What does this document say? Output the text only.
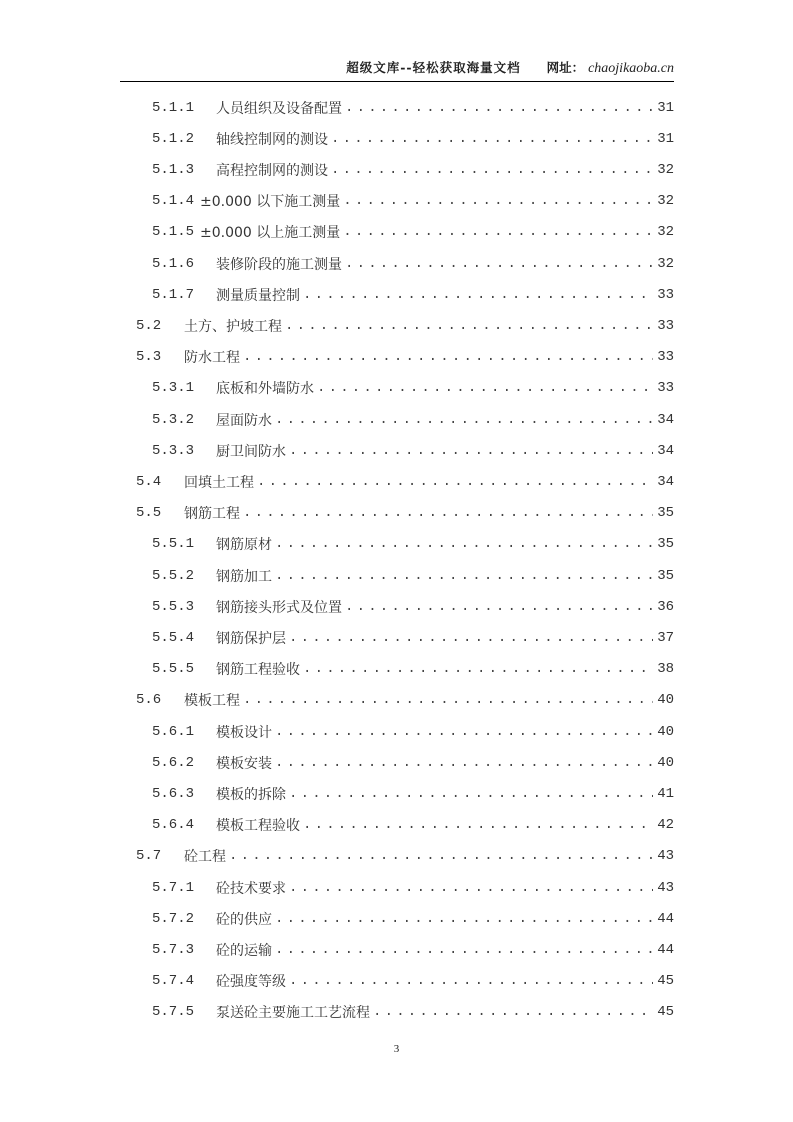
超级文库--轻松获取海量文档 网址： chaojikaoba.cn
5.1.1	人员组织及设备配置 . . .	31
5.1.2	轴线控制网的测设 . . .	31
5.1.3	高程控制网的测设 . . .	32
5.1.4 ±0.000 以下施工测量 . . .	32
5.1.5 ±0.000 以上施工测量 . . .	32
5.1.6	装修阶段的施工测量 . . .	32
5.1.7	测量质量控制 . . .	33
5.2	土方、护坡工程 . . .	33
5.3	防水工程 . . .	33
5.3.1	底板和外墙防水 . . .	33
5.3.2	屋面防水 . . .	34
5.3.3	厨卫间防水 . . .	34
5.4	回填土工程 . . .	34
5.5	钢筋工程 . . .	35
5.5.1	钢筋原材 . . .	35
5.5.2	钢筋加工 . . .	35
5.5.3	钢筋接头形式及位置 . . .	36
5.5.4	钢筋保护层 . . .	37
5.5.5	钢筋工程验收 . . .	38
5.6	模板工程 . . .	40
5.6.1	模板设计 . . .	40
5.6.2	模板安装 . . .	40
5.6.3	模板的拆除 . . .	41
5.6.4	模板工程验收 . . .	42
5.7	砼工程 . . .	43
5.7.1	砼技术要求 . . .	43
5.7.2	砼的供应 . . .	44
5.7.3	砼的运输 . . .	44
5.7.4	砼强度等级 . . .	45
5.7.5	泵送砼主要施工工艺流程 . . .	45
3
